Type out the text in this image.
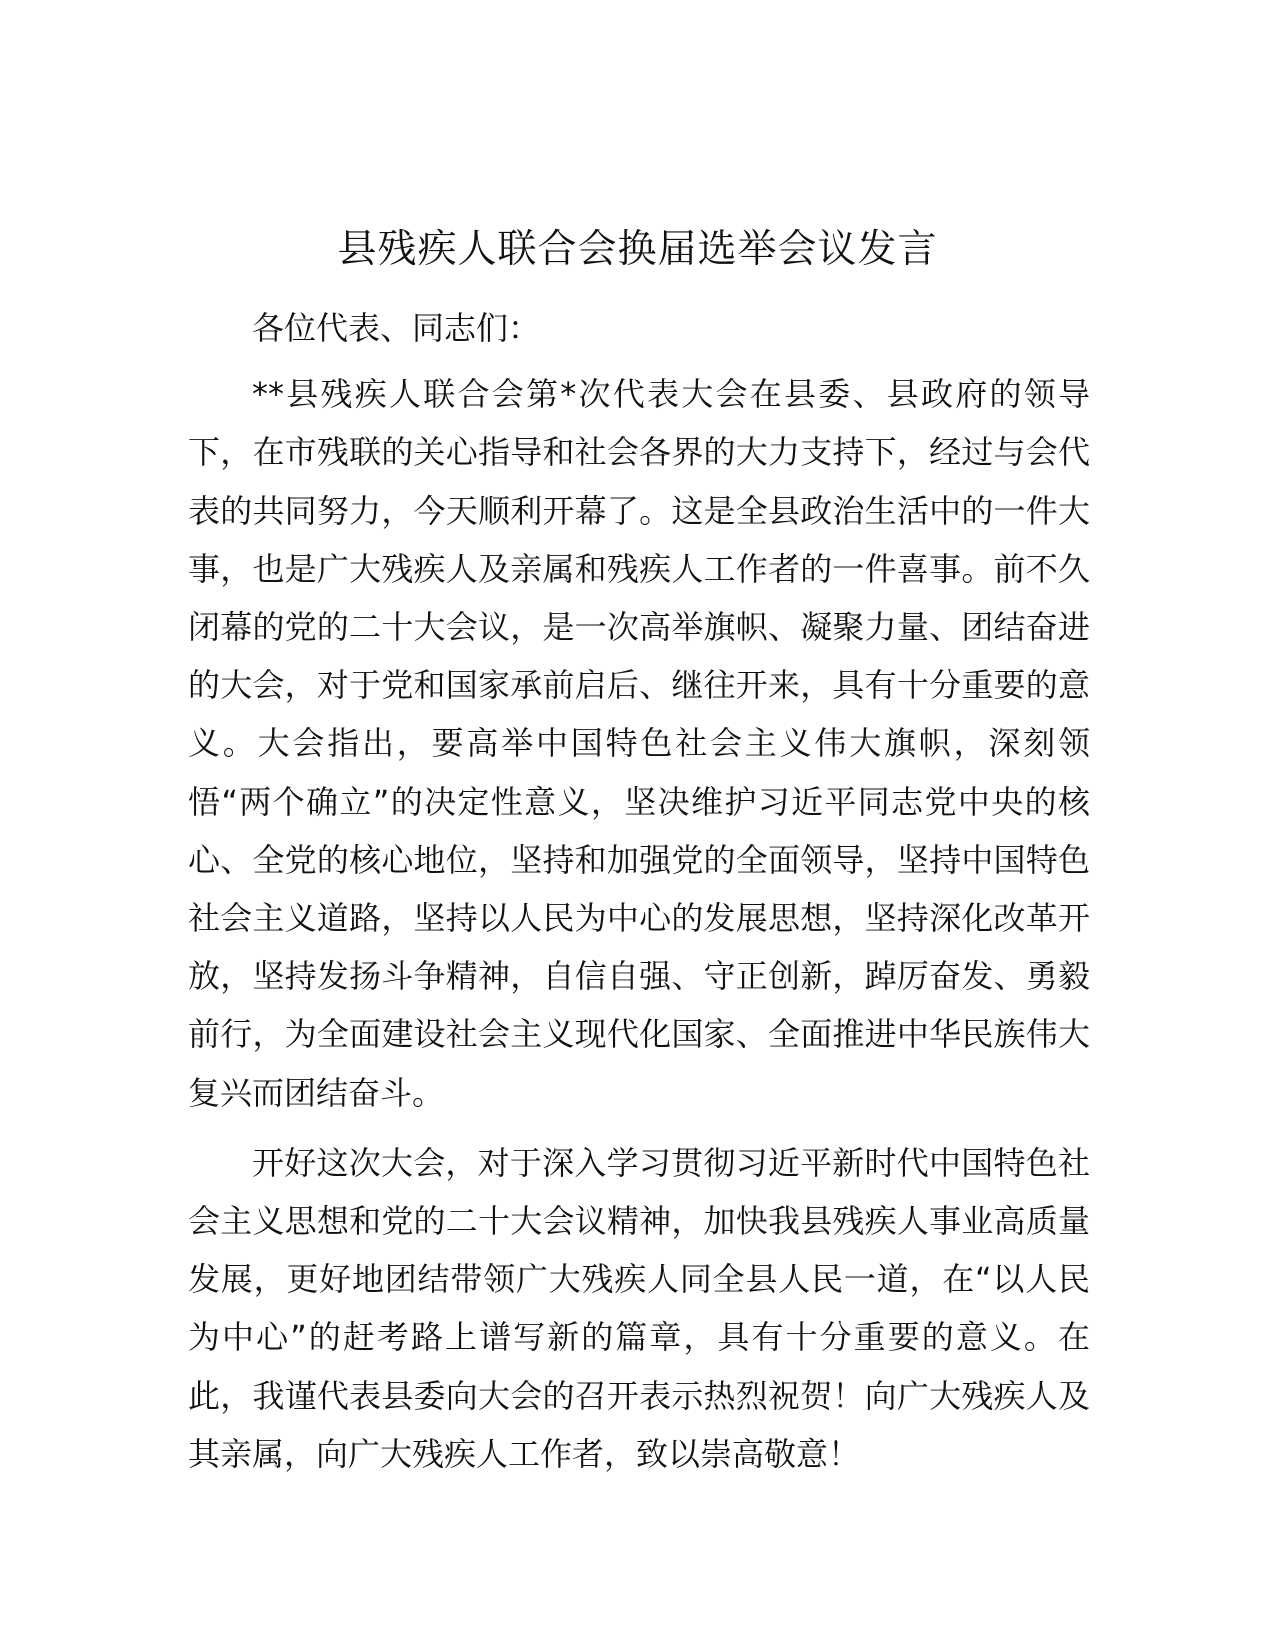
县残疾人联合会换届选举会议发言

各位代表、同志们：

**县残疾人联合会第*次代表大会在县委、县政府的领导下，在市残联的关心指导和社会各界的大力支持下，经过与会代表的共同努力，今天顺利开幕了。这是全县政治生活中的一件大事，也是广大残疾人及亲属和残疾人工作者的一件喜事。前不久闭幕的党的二十大会议，是一次高举旗帜、凝聚力量、团结奋进的大会，对于党和国家承前启后、继往开来，具有十分重要的意义。大会指出，要高举中国特色社会主义伟大旗帜，深刻领悟“两个确立”的决定性意义，坚决维护习近平同志党中央的核心、全党的核心地位，坚持和加强党的全面领导，坚持中国特色社会主义道路，坚持以人民为中心的发展思想，坚持深化改革开放，坚持发扬斗争精神，自信自强、守正创新，踔厉奋发、勇毅前行，为全面建设社会主义现代化国家、全面推进中华民族伟大复兴而团结奋斗。

开好这次大会，对于深入学习贯彻习近平新时代中国特色社会主义思想和党的二十大会议精神，加快我县残疾人事业高质量发展，更好地团结带领广大残疾人同全县人民一道，在“以人民为中心”的赶考路上谱写新的篇章，具有十分重要的意义。在此，我谨代表县委向大会的召开表示热烈祝贺！向广大残疾人及其亲属，向广大残疾人工作者，致以崇高敬意！
